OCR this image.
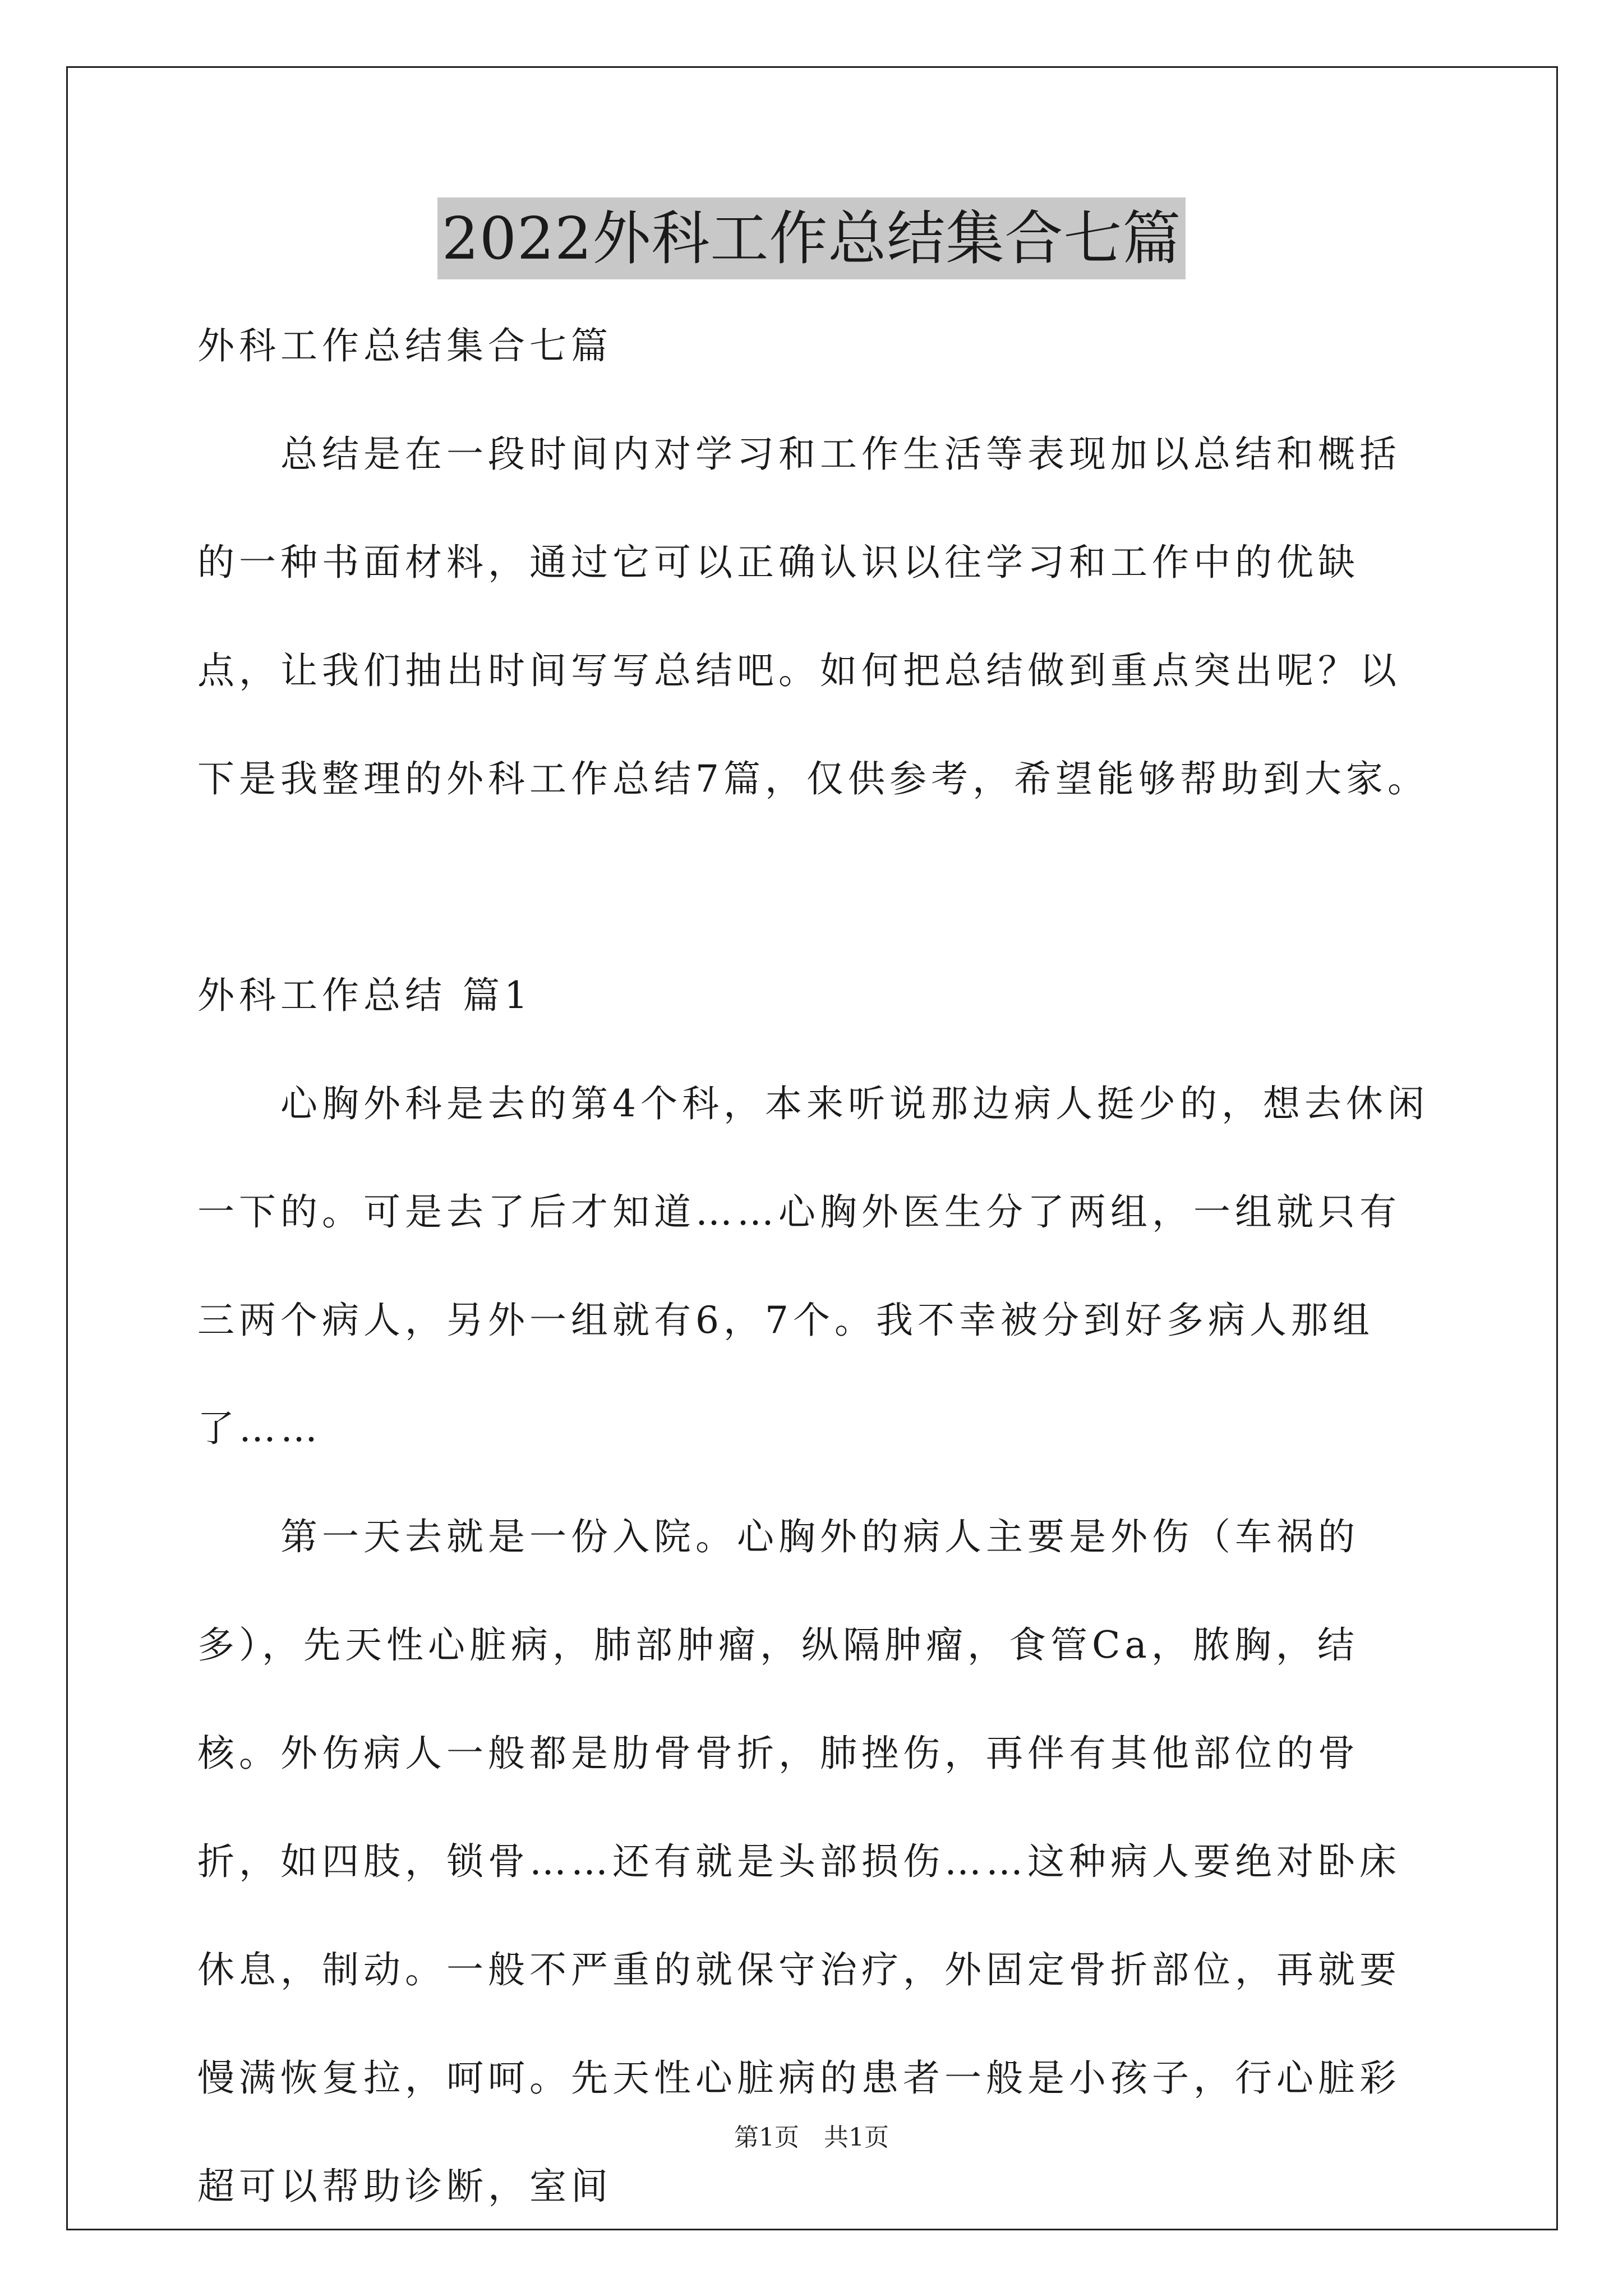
2022外科工作总结集合七篇

外科工作总结集合七篇

总结是在一段时间内对学习和工作生活等表现加以总结和概括的一种书面材料，通过它可以正确认识以往学习和工作中的优缺点，让我们抽出时间写写总结吧。如何把总结做到重点突出呢？以下是我整理的外科工作总结7篇，仅供参考，希望能够帮助到大家。

外科工作总结 篇1

心胸外科是去的第4个科，本来听说那边病人挺少的，想去休闲一下的。可是去了后才知道……心胸外医生分了两组，一组就只有三两个病人，另外一组就有6，7个。我不幸被分到好多病人那组了……

第一天去就是一份入院。心胸外的病人主要是外伤（车祸的多），先天性心脏病，肺部肿瘤，纵隔肿瘤，食管Ca，脓胸，结核。外伤病人一般都是肋骨骨折，肺挫伤，再伴有其他部位的骨折，如四肢，锁骨……还有就是头部损伤……这种病人要绝对卧床休息，制动。一般不严重的就保守治疗，外固定骨折部位，再就要慢满恢复拉，呵呵。先天性心脏病的患者一般是小孩子，行心脏彩超可以帮助诊断，室间

第1页　共1页
